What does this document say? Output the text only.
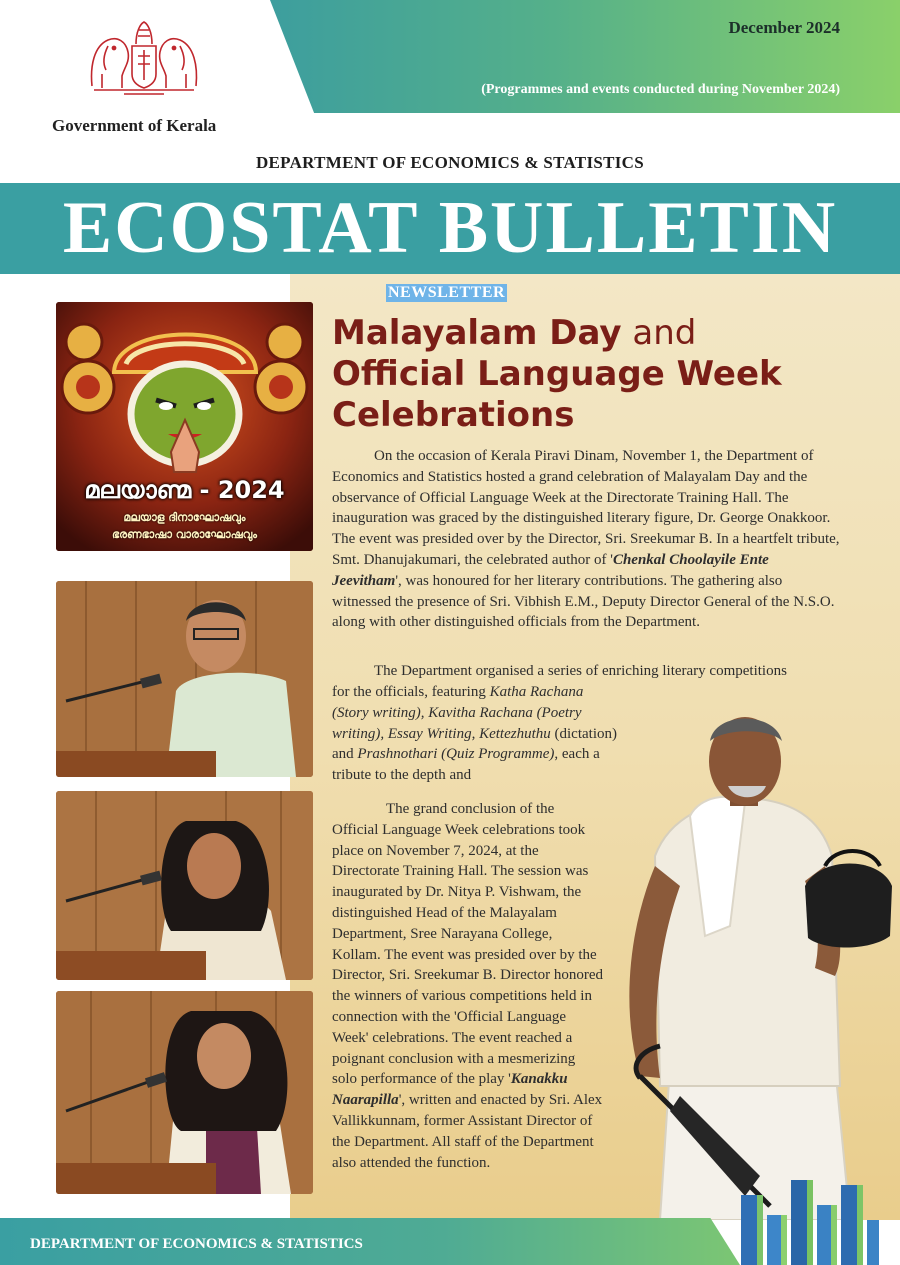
December 2024
(Programmes and events conducted during November 2024)
Government of Kerala
DEPARTMENT OF ECONOMICS & STATISTICS
ECOSTAT BULLETIN
NEWSLETTER
മലയാണ്മ - 2024
മലയാള ദിനാഘോഷവും
ഭരണഭാഷാ വാരാഘോഷവും
Malayalam Day and
Official Language Week
Celebrations

On the occasion of Kerala Piravi Dinam, November 1, the Department of Economics and Statistics hosted a grand celebration of Malayalam Day and the observance of Official Language Week at the Directorate Training Hall. The inauguration was graced by the distinguished literary figure, Dr. George Onakkoor. The event was presided over by the Director, Sri. Sreekumar B. In a heartfelt tribute, Smt. Dhanujakumari, the celebrated author of 'Chenkal Choolayile Ente Jeevitham', was honoured for her literary contributions. The gathering also witnessed the presence of Sri. Vibhish E.M., Deputy Director General of the N.S.O. along with other distinguished officials from the Department.

The Department organised a series of enriching literary competitions

for the officials, featuring Katha Rachana (Story writing), Kavitha Rachana (Poetry writing), Essay Writing, Kettezhuthu (dictation) and Prashnothari (Quiz Programme), each a tribute to the depth and

The grand conclusion of the Official Language Week celebrations took place on November 7, 2024, at the Directorate Training Hall. The session was inaugurated by Dr. Nitya P. Vishwam, the distinguished Head of the Malayalam Department, Sree Narayana College, Kollam. The event was presided over by the Director, Sri. Sreekumar B. Director honored the winners of various competitions held in connection with the 'Official Language Week' celebrations. The event reached a poignant conclusion with a mesmerizing solo performance of the play 'Kanakku Naarapilla', written and enacted by Sri. Alex Vallikkunnam, former Assistant Director of the Department. All staff of the Department also attended the function.

DEPARTMENT OF ECONOMICS & STATISTICS
